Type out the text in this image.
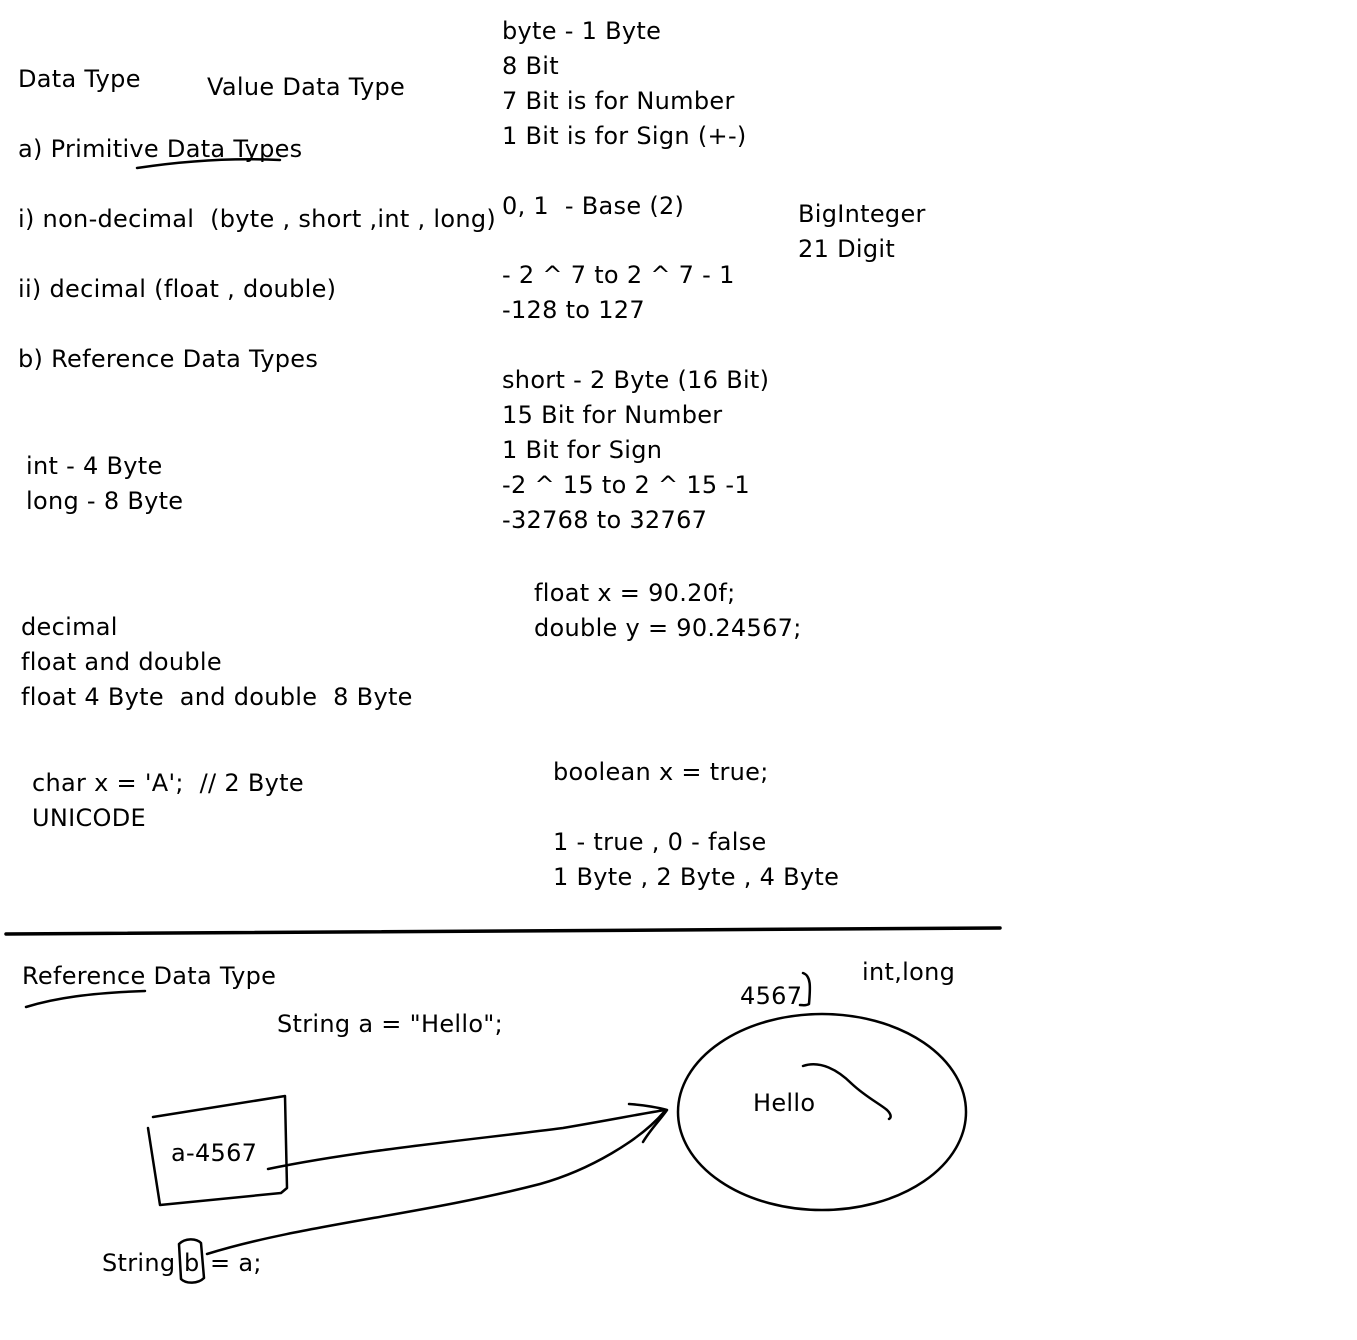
Data Type	Value Data Type
a) Primitive Data Types
i) non-decimal  (byte , short ,int , long)
ii) decimal (float , double)
b) Reference Data Types
int - 4 Byte
long - 8 Byte
decimal
float and double
float 4 Byte  and double  8 Byte
char x = 'A';  // 2 Byte
UNICODE
byte - 1 Byte
8 Bit
7 Bit is for Number
1 Bit is for Sign (+-)
0, 1  - Base (2)
- 2 ^ 7 to 2 ^ 7 - 1
-128 to 127
short - 2 Byte (16 Bit)
15 Bit for Number
1 Bit for Sign
-2 ^ 15 to 2 ^ 15 -1
-32768 to 32767
float x = 90.20f;
double y = 90.24567;
boolean x = true;
1 - true , 0 - false
1 Byte , 2 Byte , 4 Byte
BigInteger
21 Digit
Reference Data Type
String a = "Hello";
4567
int,long
Hello
a-4567
String b = a;
